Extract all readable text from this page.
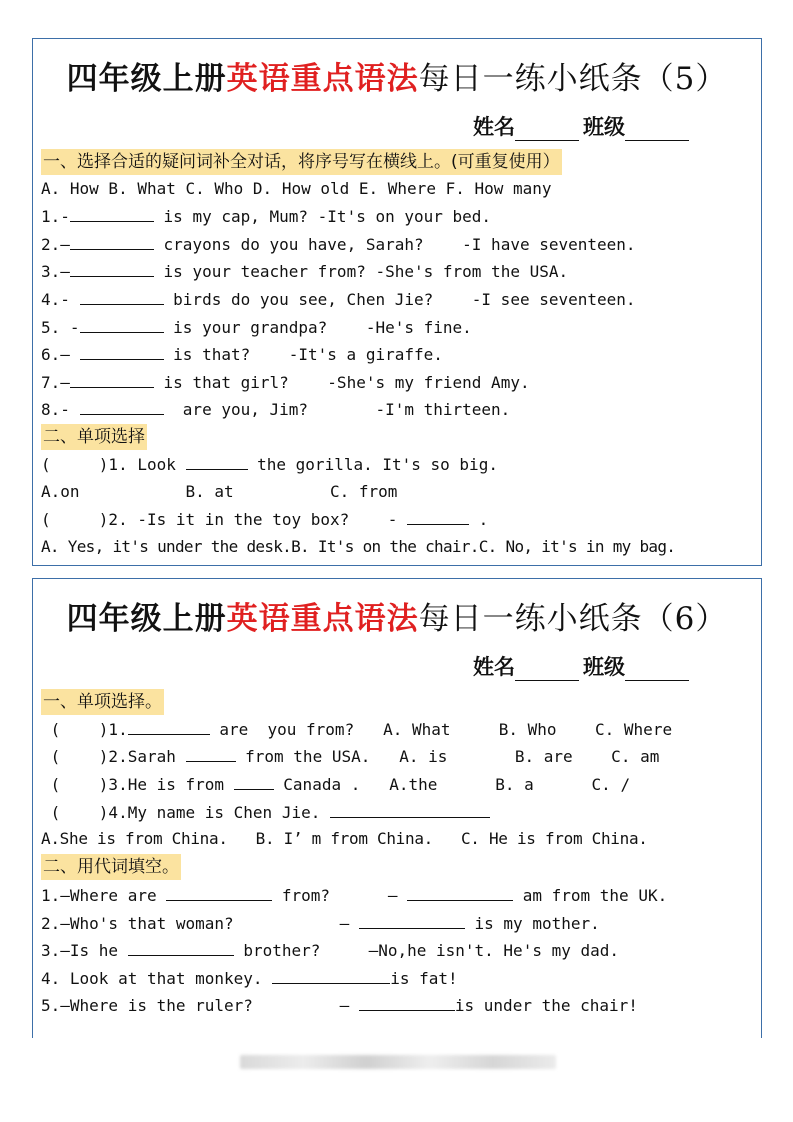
四年级上册英语重点语法每日一练小纸条（5）
姓名	班级
一、选择合适的疑问词补全对话，将序号写在横线上。(可重复使用）
A. How B. What C. Who D. How old E. Where F. How many
1.-	is my cap, Mum? -It's on your bed.
2.—	crayons do you have, Sarah?    -I have seventeen.
3.—	is your teacher from? -She's from the USA.
4.-	birds do you see, Chen Jie?    -I see seventeen.
5. -	is your grandpa?    -He's fine.
6.—	is that?    -It's a giraffe.
7.—	is that girl?    -She's my friend Amy.
8.-	are you, Jim?       -I'm thirteen.
二、单项选择
(     )1. Look	the gorilla. It's so big.
A.on           B. at          C. from
(     )2. -Is it in the toy box?    -	.
A. Yes, it's under the desk.B. It's on the chair.C. No, it's in my bag.
四年级上册英语重点语法每日一练小纸条（6）
姓名	班级
一、单项选择。
(    )1.	are  you from?   A. What     B. Who    C. Where
(    )2.Sarah	from the USA.   A. is       B. are    C. am
(    )3.He is from	Canada .   A.the      B. a      C. /
(    )4.My name is Chen Jie.
A.She is from China.   B. I’ m from China.   C. He is from China.
二、用代词填空。
1.—Where are	from?      —	am from the UK.
2.—Who's that woman?           —	is my mother.
3.—Is he	brother?     —No,he isn't. He's my dad.
4. Look at that monkey.	is fat!
5.—Where is the ruler?         —	is under the chair!
